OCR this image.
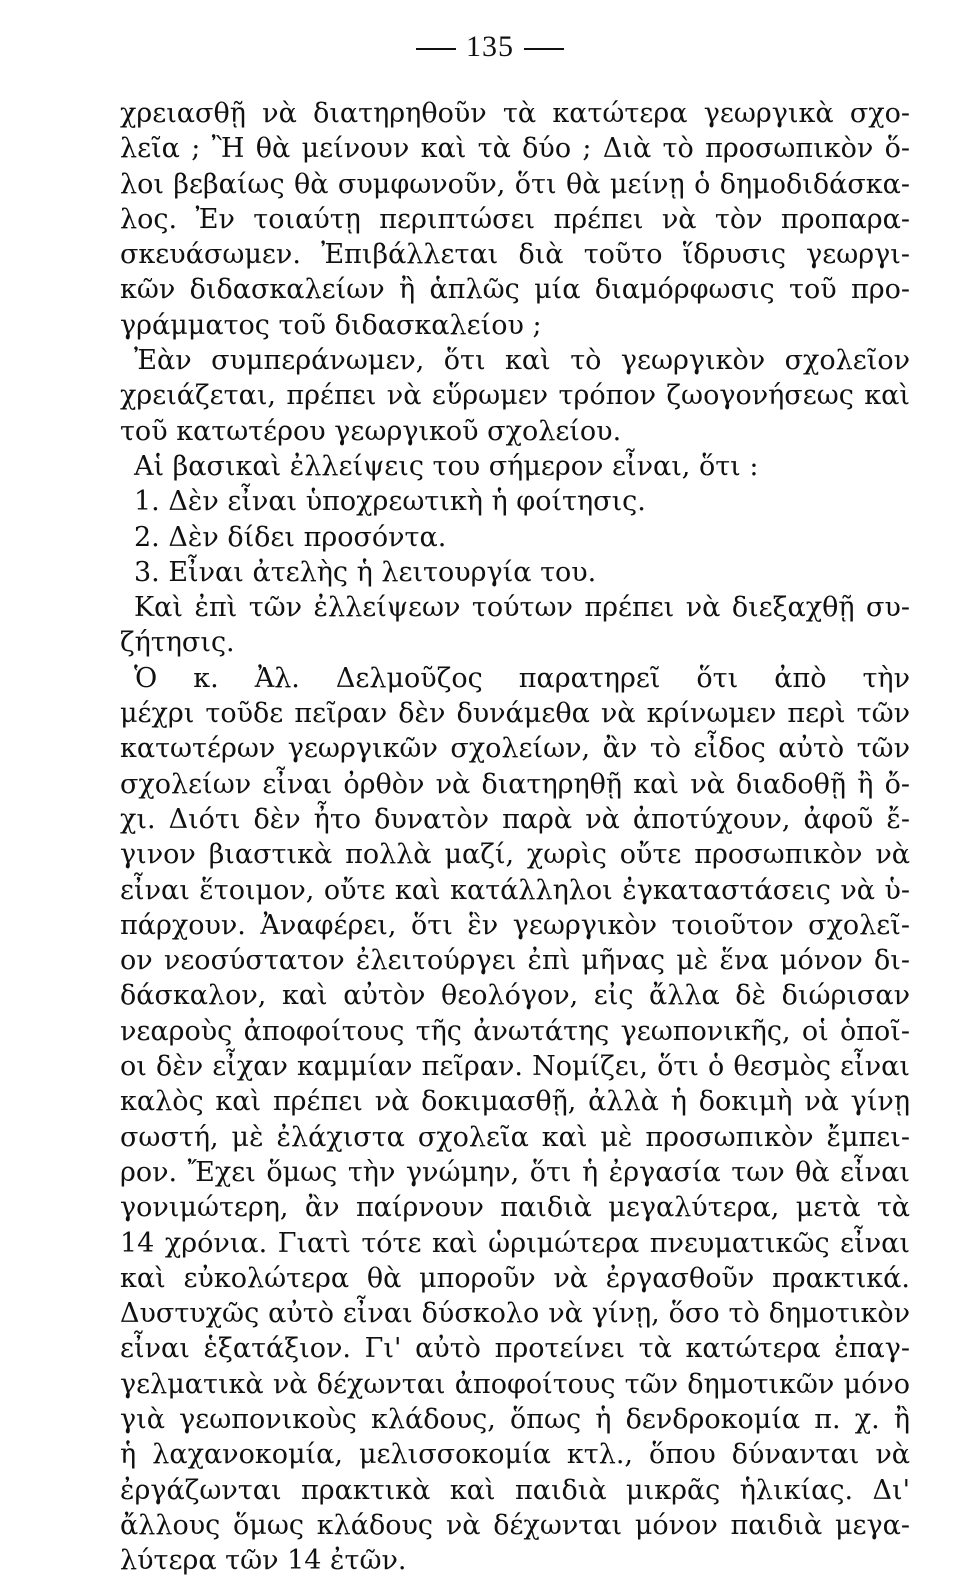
135
χρειασθῇ νὰ διατηρηθοῦν τὰ κατώτερα γεωργικὰ σχο-
λεῖα ; Ἢ θὰ μείνουν καὶ τὰ δύο ; Διὰ τὸ προσωπικὸν ὅ-
λοι βεβαίως θὰ συμφωνοῦν, ὅτι θὰ μείνῃ ὁ δημοδιδάσκα-
λος. Ἐν τοιαύτῃ περιπτώσει πρέπει νὰ τὸν προπαρα-
σκευάσωμεν. Ἐπιβάλλεται διὰ τοῦτο ἵδρυσις γεωργι-
κῶν διδασκαλείων ἢ ἁπλῶς μία διαμόρφωσις τοῦ προ-
γράμματος τοῦ διδασκαλείου ;
Ἐὰν συμπεράνωμεν, ὅτι καὶ τὸ γεωργικὸν σχολεῖον
χρειάζεται, πρέπει νὰ εὕρωμεν τρόπον ζωογονήσεως καὶ
τοῦ κατωτέρου γεωργικοῦ σχολείου.
Αἱ βασικαὶ ἐλλείψεις του σήμερον εἶναι, ὅτι :
1. Δὲν εἶναι ὑποχρεωτικὴ ἡ φοίτησις.
2. Δὲν δίδει προσόντα.
3. Εἶναι ἀτελὴς ἡ λειτουργία του.
Καὶ ἐπὶ τῶν ἐλλείψεων τούτων πρέπει νὰ διεξαχθῇ συ-
ζήτησις.
Ὁ κ. Ἀλ. Δελμοῦζος παρατηρεῖ ὅτι ἀπὸ τὴν
μέχρι τοῦδε πεῖραν δὲν δυνάμεθα νὰ κρίνωμεν περὶ τῶν
κατωτέρων γεωργικῶν σχολείων, ἂν τὸ εἶδος αὐτὸ τῶν
σχολείων εἶναι ὀρθὸν νὰ διατηρηθῇ καὶ νὰ διαδοθῇ ἢ ὄ-
χι. Διότι δὲν ἦτο δυνατὸν παρὰ νὰ ἀποτύχουν, ἀφοῦ ἔ-
γινον βιαστικὰ πολλὰ μαζί, χωρὶς οὔτε προσωπικὸν νὰ
εἶναι ἕτοιμον, οὔτε καὶ κατάλληλοι ἐγκαταστάσεις νὰ ὑ-
πάρχουν. Ἀναφέρει, ὅτι ἓν γεωργικὸν τοιοῦτον σχολεῖ-
ον νεοσύστατον ἐλειτούργει ἐπὶ μῆνας μὲ ἕνα μόνον δι-
δάσκαλον, καὶ αὐτὸν θεολόγον, εἰς ἄλλα δὲ διώρισαν
νεαροὺς ἀποφοίτους τῆς ἀνωτάτης γεωπονικῆς, οἱ ὁποῖ-
οι δὲν εἶχαν καμμίαν πεῖραν. Νομίζει, ὅτι ὁ θεσμὸς εἶναι
καλὸς καὶ πρέπει νὰ δοκιμασθῇ, ἀλλὰ ἡ δοκιμὴ νὰ γίνῃ
σωστή, μὲ ἐλάχιστα σχολεῖα καὶ μὲ προσωπικὸν ἔμπει-
ρον. Ἔχει ὅμως τὴν γνώμην, ὅτι ἡ ἐργασία των θὰ εἶναι
γονιμώτερη, ἂν παίρνουν παιδιὰ μεγαλύτερα, μετὰ τὰ
14 χρόνια. Γιατὶ τότε καὶ ὡριμώτερα πνευματικῶς εἶναι
καὶ εὐκολώτερα θὰ μποροῦν νὰ ἐργασθοῦν πρακτικά.
Δυστυχῶς αὐτὸ εἶναι δύσκολο νὰ γίνῃ, ὅσο τὸ δημοτικὸν
εἶναι ἑξατάξιον. Γι' αὐτὸ προτείνει τὰ κατώτερα ἐπαγ-
γελματικὰ νὰ δέχωνται ἀποφοίτους τῶν δημοτικῶν μόνο
γιὰ γεωπονικοὺς κλάδους, ὅπως ἡ δενδροκομία π. χ. ἢ
ἡ λαχανοκομία, μελισσοκομία κτλ., ὅπου δύνανται νὰ
ἐργάζωνται πρακτικὰ καὶ παιδιὰ μικρᾶς ἡλικίας. Δι'
ἄλλους ὅμως κλάδους νὰ δέχωνται μόνον παιδιὰ μεγα-
λύτερα τῶν 14 ἐτῶν.
